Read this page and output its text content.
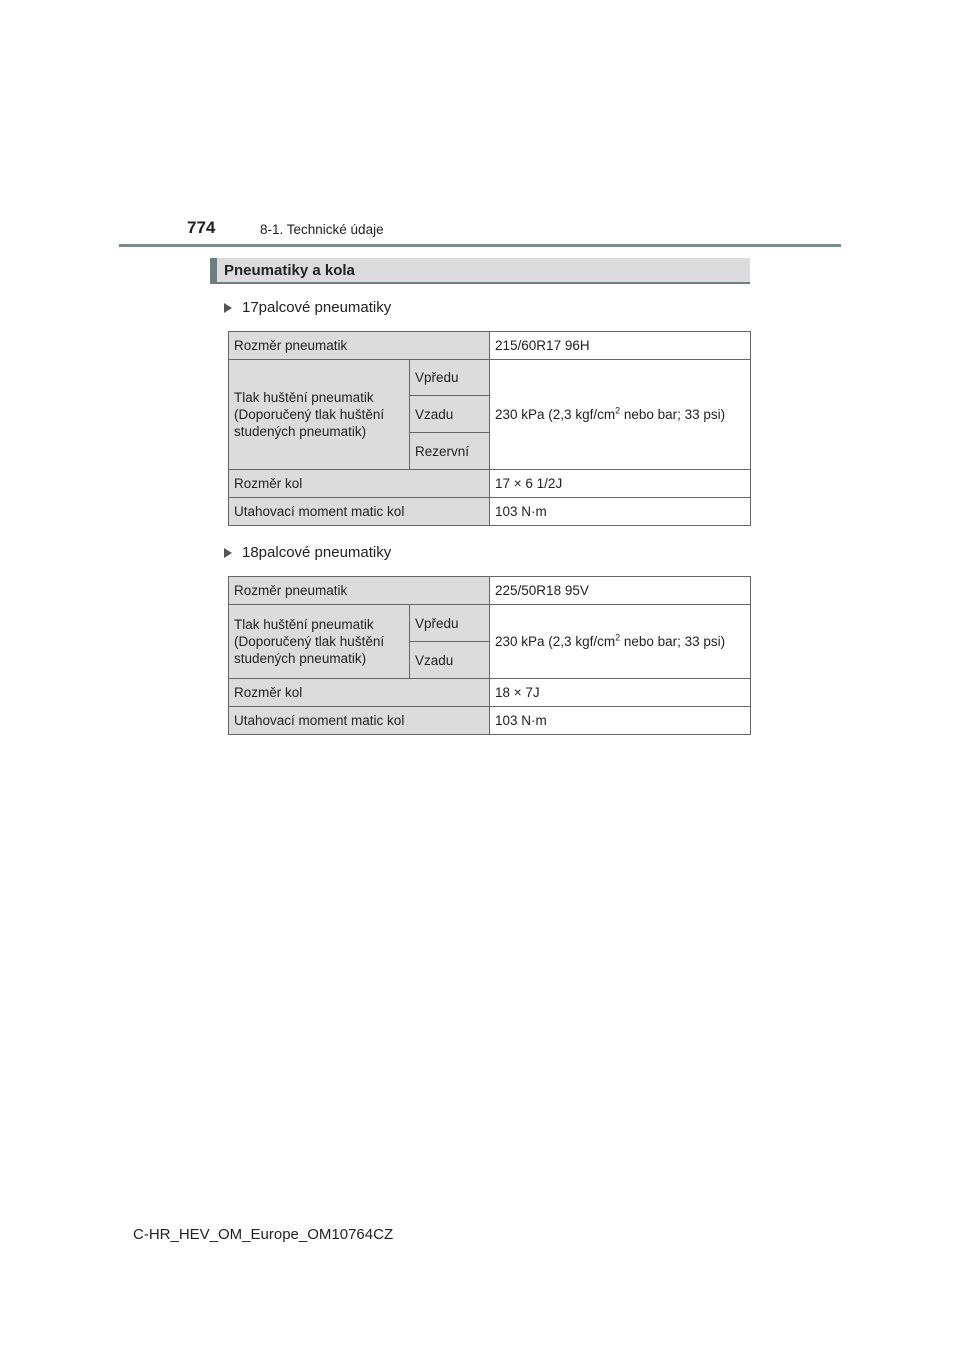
774	8-1. Technické údaje
Pneumatiky a kola
17palcové pneumatiky
Rozměr pneumatik		215/60R17 96H
Tlak huštění pneumatik (Doporučený tlak huštění studených pneumatik)	Vpředu	230 kPa (2,3 kgf/$cm^2$ nebo bar; 33 psi)
	Vzadu	
	Rezervní	
Rozměr kol		17 × 6 1/2J
Utahovací moment matic kol		103 N·m
18palcové pneumatiky
Rozměr pneumatik		225/50R18 95V
Tlak huštění pneumatik (Doporučený tlak huštění studených pneumatik)	Vpředu	230 kPa (2,3 kgf/$cm^2$ nebo bar; 33 psi)
	Vzadu	
Rozměr kol		18 × 7J
Utahovací moment matic kol		103 N·m
C-HR_HEV_OM_Europe_OM10764CZ
